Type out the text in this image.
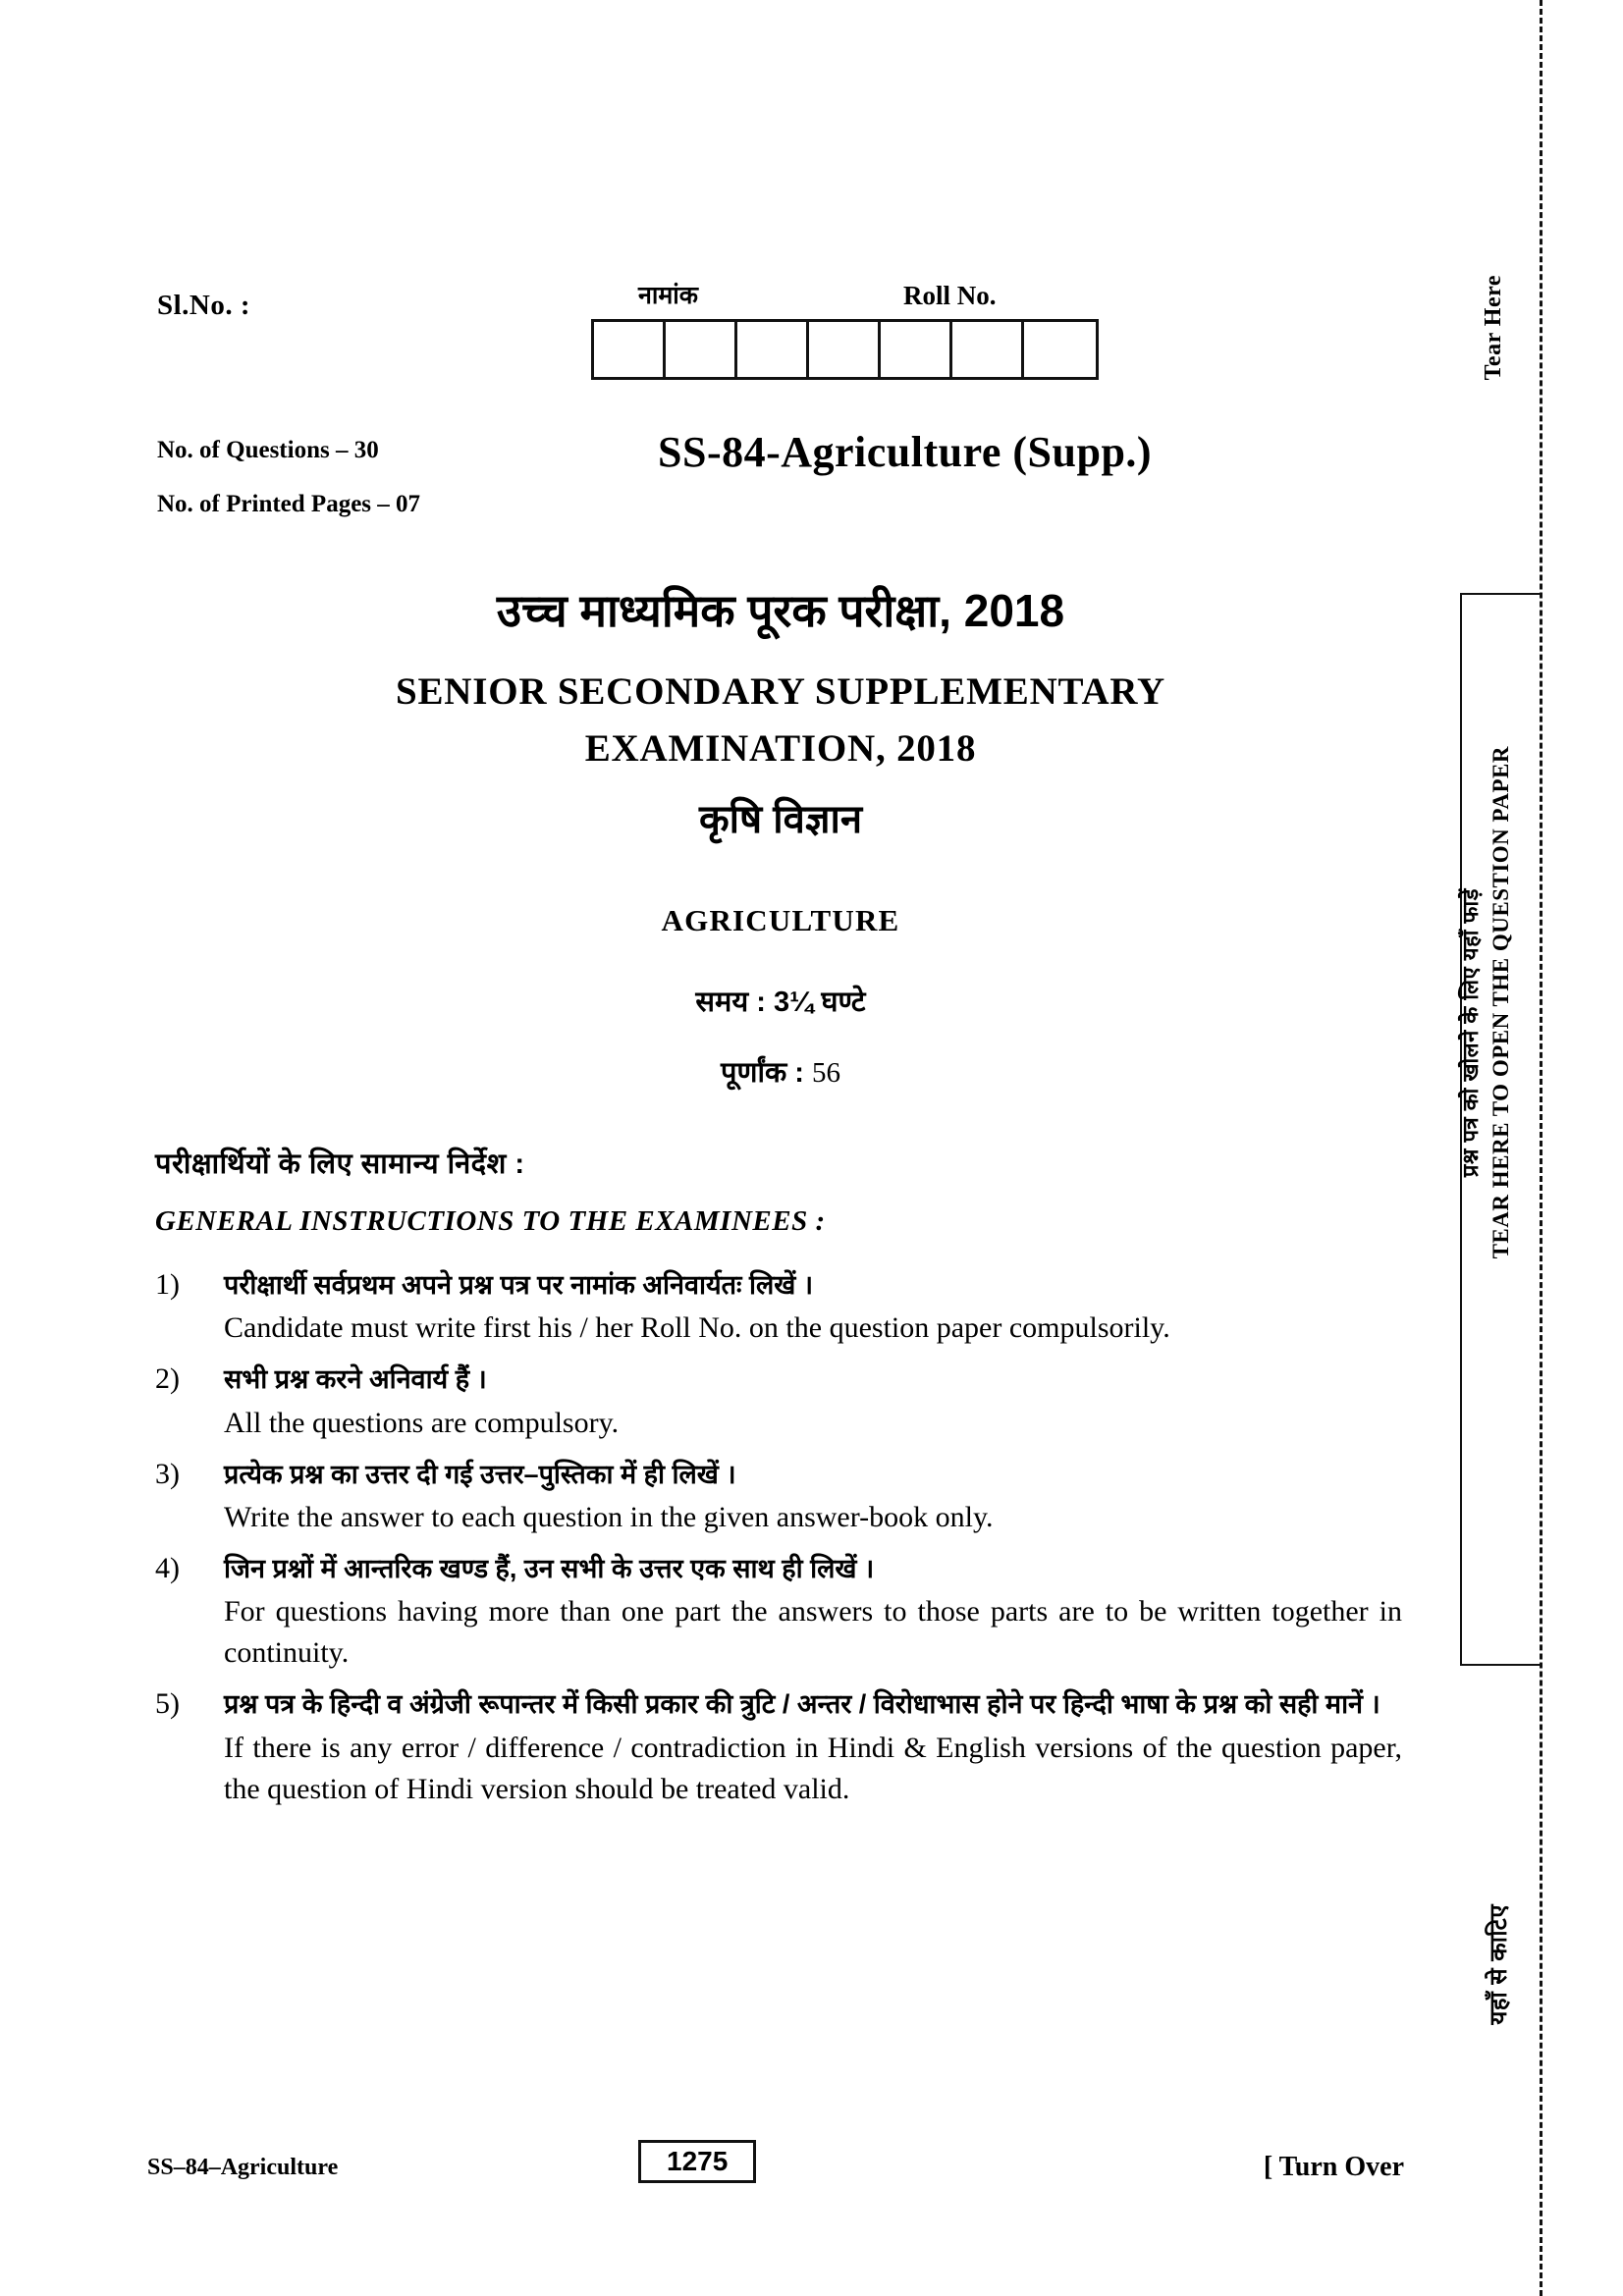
Tear Here
TEAR HERE TO OPEN THE QUESTION PAPER
प्रश्न पत्र को खोलने के लिए यहाँ फाड़ें
यहाँ से काटिए
Sl.No. :	नामांक	Roll No.
No. of Questions – 30
No. of Printed Pages – 07
SS-84-Agriculture (Supp.)
उच्च माध्यमिक पूरक परीक्षा, 2018
SENIOR SECONDARY SUPPLEMENTARY
EXAMINATION, 2018
कृषि विज्ञान
AGRICULTURE
समय : 3¼ घण्टे
पूर्णांक : 56
परीक्षार्थियों के लिए सामान्य निर्देश :
GENERAL INSTRUCTIONS TO THE EXAMINEES :
1)	परीक्षार्थी सर्वप्रथम अपने प्रश्न पत्र पर नामांक अनिवार्यतः लिखें ।
Candidate must write first his / her Roll No. on the question paper compulsorily.
2)	सभी प्रश्न करने अनिवार्य हैं ।
All the questions are compulsory.
3)	प्रत्येक प्रश्न का उत्तर दी गई उत्तर–पुस्तिका में ही लिखें ।
Write the answer to each question in the given answer-book only.
4)	जिन प्रश्नों में आन्तरिक खण्ड हैं, उन सभी के उत्तर एक साथ ही लिखें ।
For questions having more than one part the answers to those parts are to be written together in continuity.
5)	प्रश्न पत्र के हिन्दी व अंग्रेजी रूपान्तर में किसी प्रकार की त्रुटि / अन्तर / विरोधाभास होने पर हिन्दी भाषा के प्रश्न को सही मानें ।
If there is any error / difference / contradiction in Hindi & English versions of the question paper, the question of Hindi version should be treated valid.
SS–84–Agriculture	1275	[ Turn Over
